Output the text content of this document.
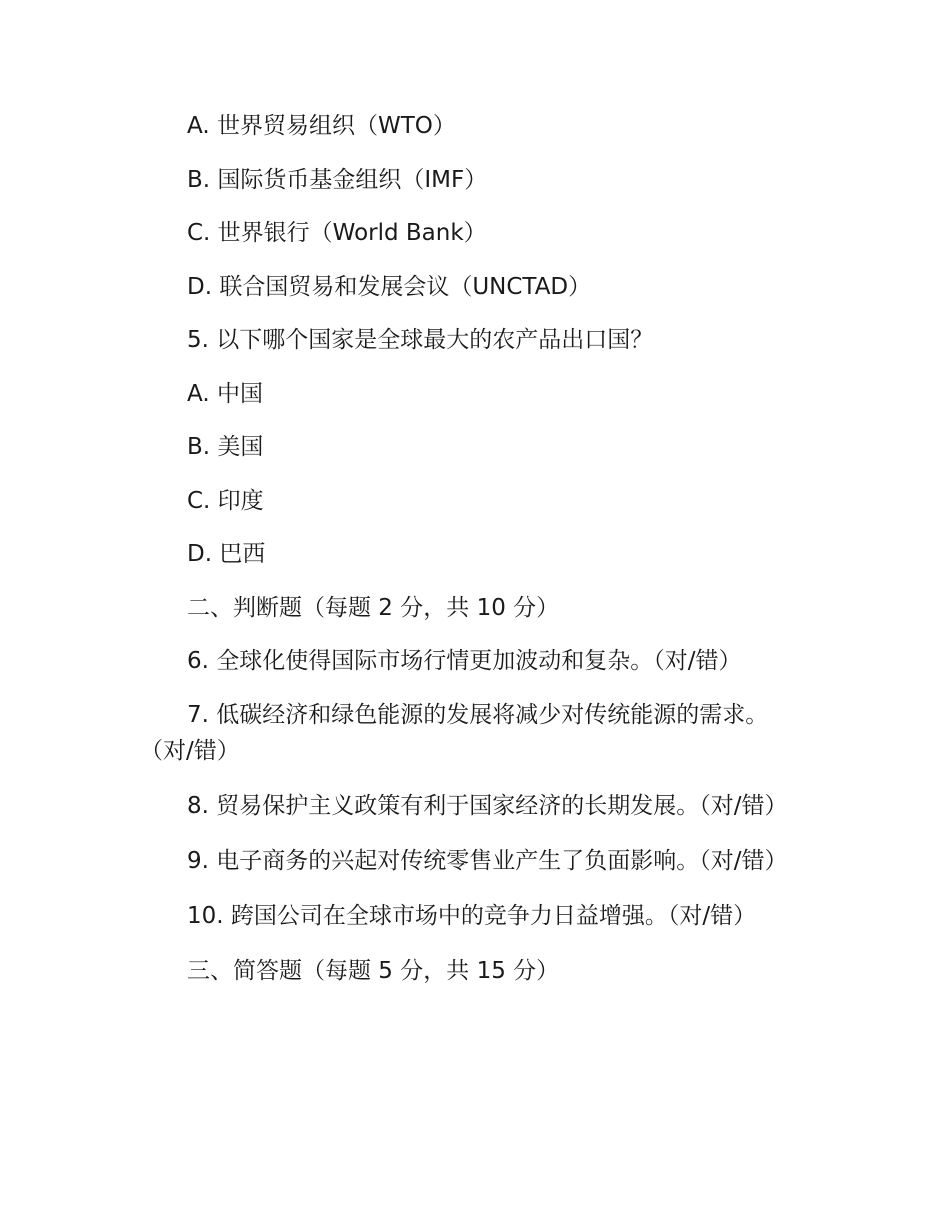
A. 世界贸易组织（WTO）

B. 国际货币基金组织（IMF）

C. 世界银行（World Bank）

D. 联合国贸易和发展会议（UNCTAD）

5. 以下哪个国家是全球最大的农产品出口国？

A. 中国

B. 美国

C. 印度

D. 巴西

二、判断题（每题 2 分，共 10 分）

6. 全球化使得国际市场行情更加波动和复杂。（对/错）

7. 低碳经济和绿色能源的发展将减少对传统能源的需求。（对/错）

8. 贸易保护主义政策有利于国家经济的长期发展。（对/错）

9. 电子商务的兴起对传统零售业产生了负面影响。（对/错）

10. 跨国公司在全球市场中的竞争力日益增强。（对/错）

三、简答题（每题 5 分，共 15 分）
